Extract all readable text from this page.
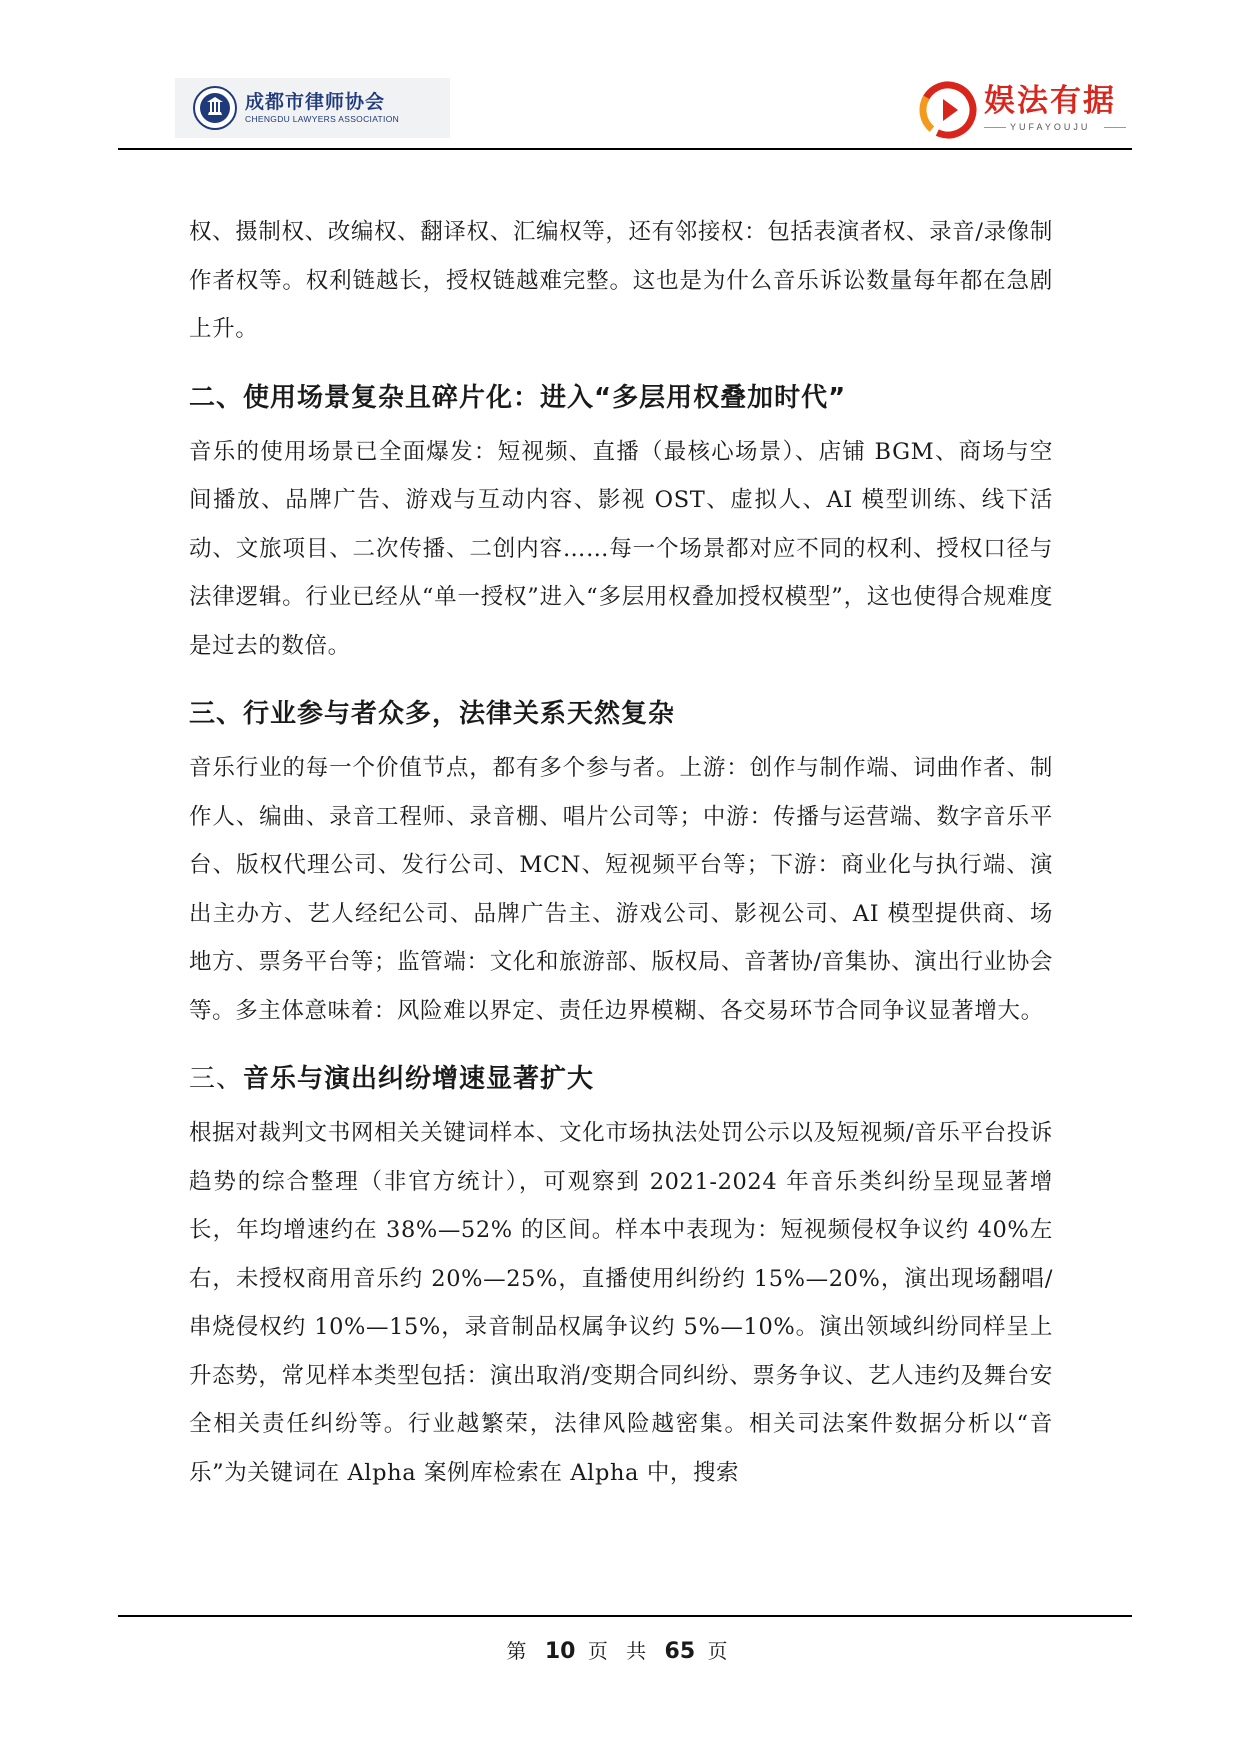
成都市律师协会
CHENGDU LAWYERS ASSOCIATION	娱法有据
YUFAYOUJU

权、摄制权、改编权、翻译权、汇编权等，还有邻接权：包括表演者权、录音/录像制作者权等。权利链越长，授权链越难完整。这也是为什么音乐诉讼数量每年都在急剧上升。

二、使用场景复杂且碎片化：进入“多层用权叠加时代”

音乐的使用场景已全面爆发：短视频、直播（最核心场景）、店铺 BGM、商场与空间播放、品牌广告、游戏与互动内容、影视 OST、虚拟人、AI 模型训练、线下活动、文旅项目、二次传播、二创内容……每一个场景都对应不同的权利、授权口径与法律逻辑。行业已经从“单一授权”进入“多层用权叠加授权模型”，这也使得合规难度是过去的数倍。

三、行业参与者众多，法律关系天然复杂

音乐行业的每一个价值节点，都有多个参与者。上游：创作与制作端、词曲作者、制作人、编曲、录音工程师、录音棚、唱片公司等；中游：传播与运营端、数字音乐平台、版权代理公司、发行公司、MCN、短视频平台等；下游：商业化与执行端、演出主办方、艺人经纪公司、品牌广告主、游戏公司、影视公司、AI 模型提供商、场地方、票务平台等；监管端：文化和旅游部、版权局、音著协/音集协、演出行业协会等。多主体意味着：风险难以界定、责任边界模糊、各交易环节合同争议显著增大。

三、音乐与演出纠纷增速显著扩大

根据对裁判文书网相关关键词样本、文化市场执法处罚公示以及短视频/音乐平台投诉趋势的综合整理（非官方统计），可观察到 2021-2024 年音乐类纠纷呈现显著增长，年均增速约在 38%—52% 的区间。样本中表现为：短视频侵权争议约 40%左右，未授权商用音乐约 20%—25%，直播使用纠纷约 15%—20%，演出现场翻唱/串烧侵权约 10%—15%，录音制品权属争议约 5%—10%。演出领域纠纷同样呈上升态势，常见样本类型包括：演出取消/变期合同纠纷、票务争议、艺人违约及舞台安全相关责任纠纷等。行业越繁荣，法律风险越密集。相关司法案件数据分析以“音乐”为关键词在 Alpha 案例库检索在 Alpha 中，搜索

第 10 页 共 65 页
